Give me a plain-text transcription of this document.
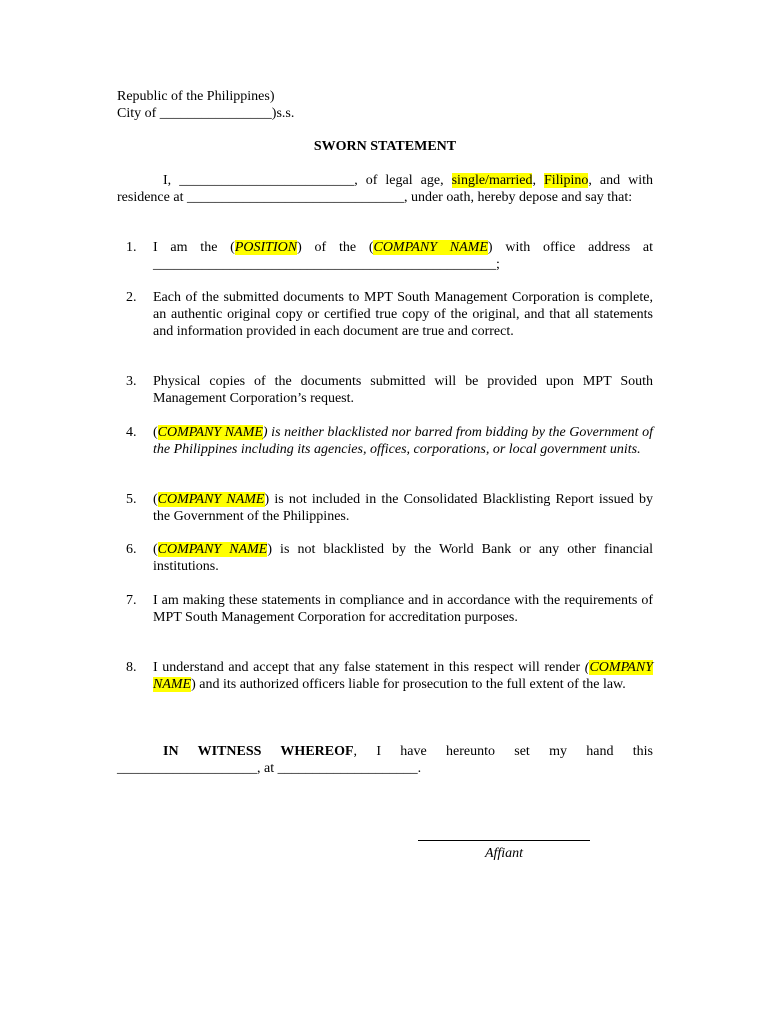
Republic of the Philippines)
City of ________________)s.s.
SWORN STATEMENT
I, _________________________, of legal age, single/married, Filipino, and with residence at _______________________________, under oath, hereby depose and say that:
1. I am the (POSITION) of the (COMPANY NAME) with office address at _________________________________________________;
2. Each of the submitted documents to MPT South Management Corporation is complete, an authentic original copy or certified true copy of the original, and that all statements and information provided in each document are true and correct.
3. Physical copies of the documents submitted will be provided upon MPT South Management Corporation’s request.
4. (COMPANY NAME) is neither blacklisted nor barred from bidding by the Government of the Philippines including its agencies, offices, corporations, or local government units.
5. (COMPANY NAME) is not included in the Consolidated Blacklisting Report issued by the Government of the Philippines.
6. (COMPANY NAME) is not blacklisted by the World Bank or any other financial institutions.
7. I am making these statements in compliance and in accordance with the requirements of MPT South Management Corporation for accreditation purposes.
8. I understand and accept that any false statement in this respect will render (COMPANY NAME) and its authorized officers liable for prosecution to the full extent of the law.
IN WITNESS WHEREOF, I have hereunto set my hand this ____________________, at ____________________.
Affiant
